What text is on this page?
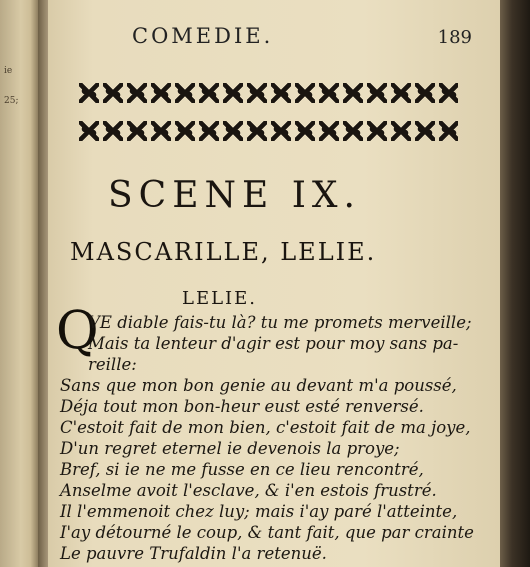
ie
25;
COMEDIE.	189
SCENE IX.
MASCARILLE, LELIE.
LELIE.
Q
VE diable fais-tu là? tu me promets merveille;
Mais ta lenteur d'agir est pour moy sans pa-
reille:
Sans que mon bon genie au devant m'a poussé,
Déja tout mon bon-heur eust esté renversé.
C'estoit fait de mon bien, c'estoit fait de ma joye,
D'un regret eternel ie devenois la proye;
Bref, si ie ne me fusse en ce lieu rencontré,
Anselme avoit l'esclave, & i'en estois frustré.
Il l'emmenoit chez luy; mais i'ay paré l'atteinte,
I'ay détourné le coup, & tant fait, que par crainte
Le pauvre Trufaldin l'a retenuë.
